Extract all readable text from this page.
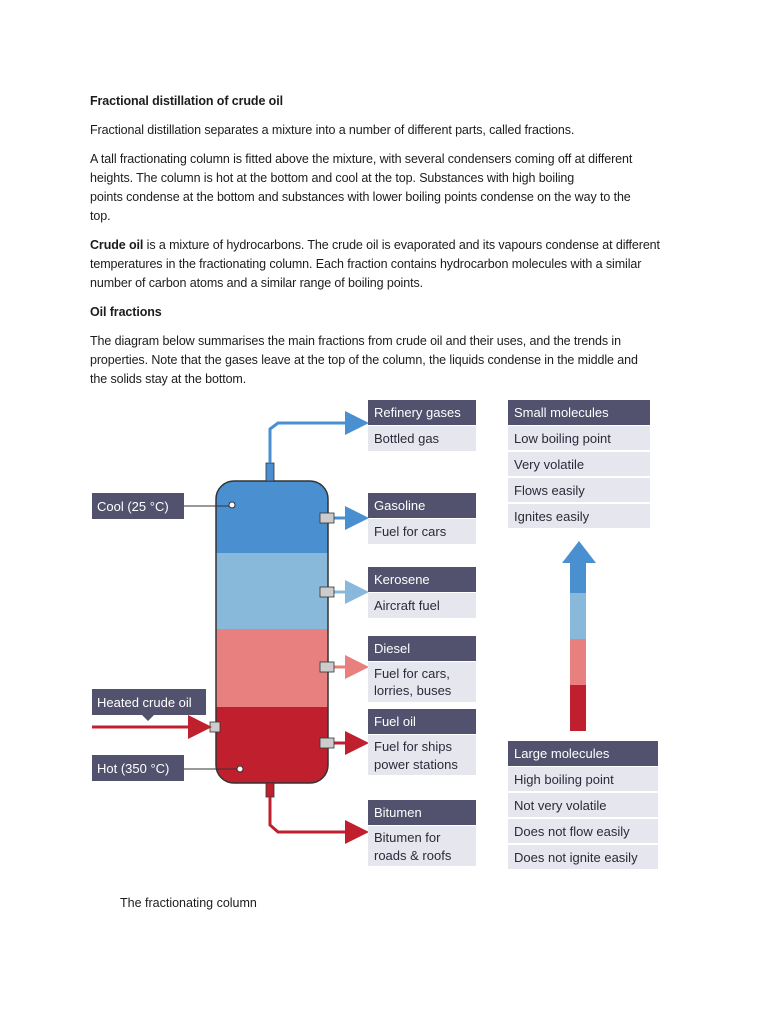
Fractional distillation of crude oil
Fractional distillation separates a mixture into a number of different parts, called fractions.
A tall fractionating column is fitted above the mixture, with several condensers coming off at different
heights. The column is hot at the bottom and cool at the top. Substances with high boiling
points condense at the bottom and substances with lower boiling points condense on the way to the
top.
Crude oil is a mixture of hydrocarbons. The crude oil is evaporated and its vapours condense at different
temperatures in the fractionating column. Each fraction contains hydrocarbon molecules with a similar
number of carbon atoms and a similar range of boiling points.
Oil fractions
The diagram below summarises the main fractions from crude oil and their uses, and the trends in
properties. Note that the gases leave at the top of the column, the liquids condense in the middle and
the solids stay at the bottom.
Cool (25 °C)
Heated crude oil
Hot (350 °C)
Refinery gases
Bottled gas
Gasoline
Fuel for cars
Kerosene
Aircraft fuel
Diesel
Fuel for cars,
lorries, buses
Fuel oil
Fuel for ships
power stations
Bitumen
Bitumen for
roads & roofs
Small molecules
Low boiling point
Very volatile
Flows easily
Ignites easily
Large molecules
High boiling point
Not very volatile
Does not flow easily
Does not ignite easily
The fractionating column
